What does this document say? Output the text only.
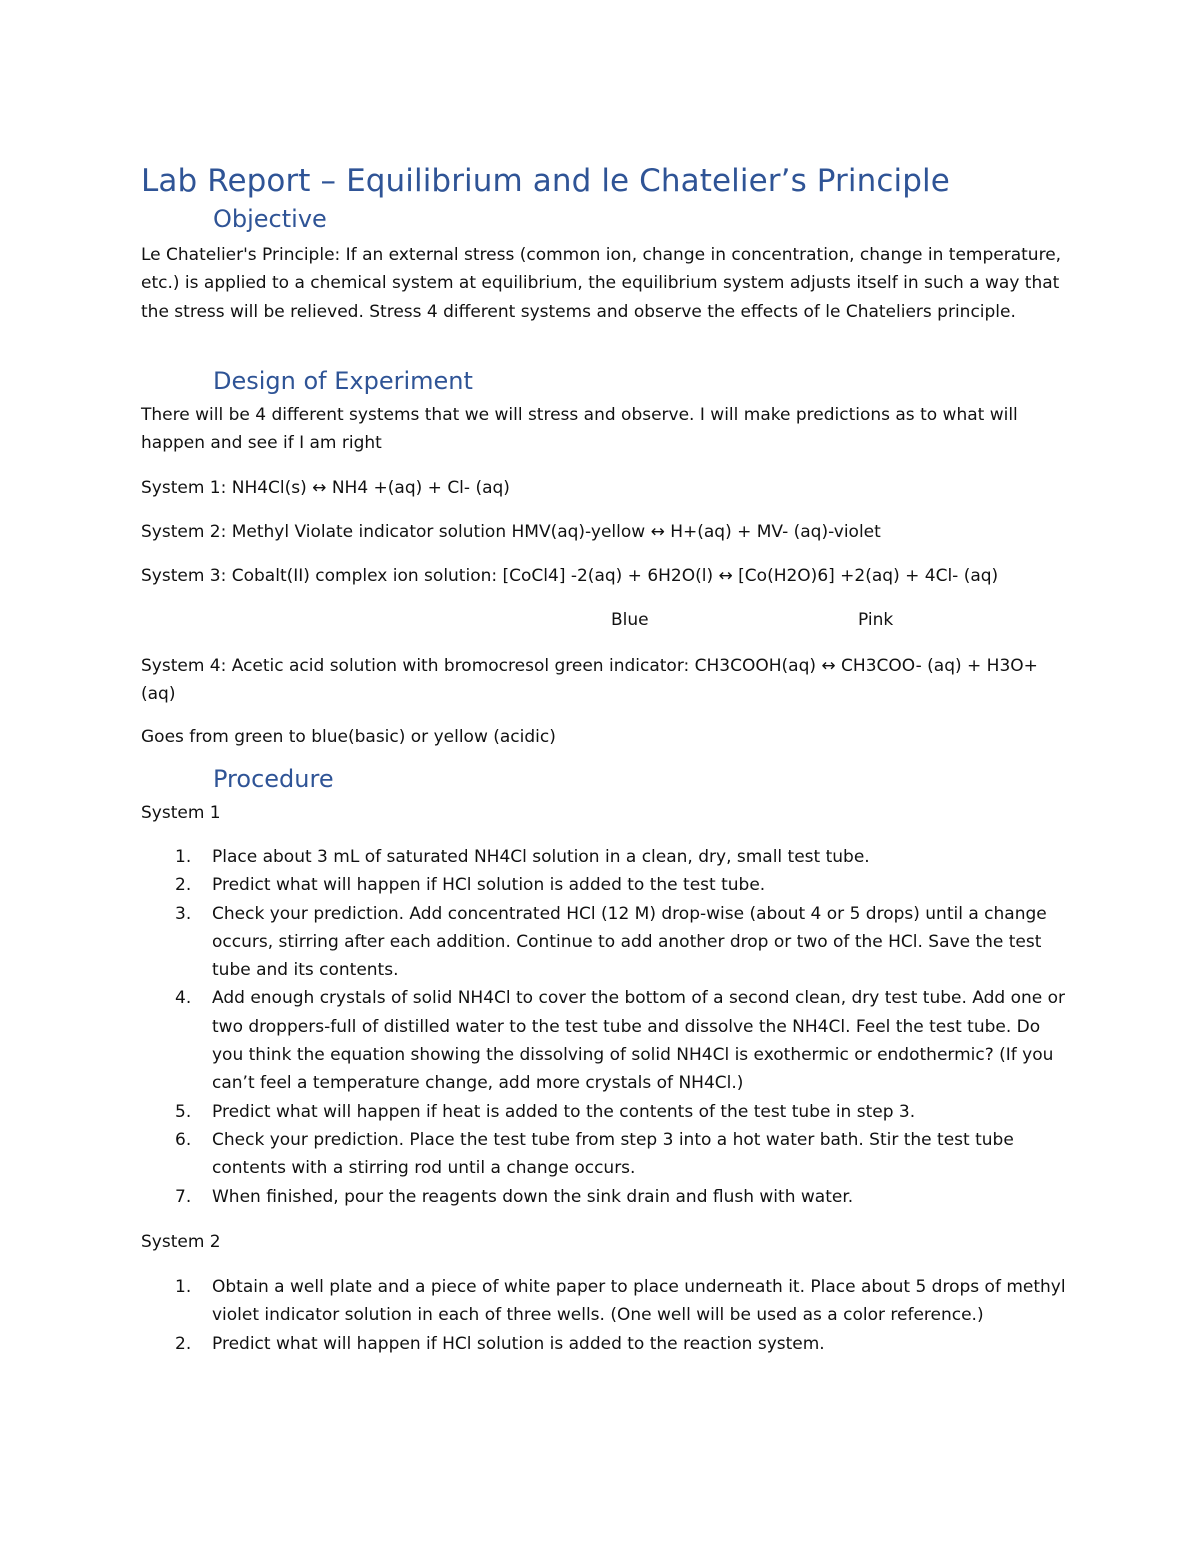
Lab Report – Equilibrium and le Chatelier’s Principle
Objective

Le Chatelier's Principle: If an external stress (common ion, change in concentration, change in temperature, etc.) is applied to a chemical system at equilibrium, the equilibrium system adjusts itself in such a way that the stress will be relieved. Stress 4 different systems and observe the effects of le Chateliers principle.

Design of Experiment

There will be 4 different systems that we will stress and observe. I will make predictions as to what will happen and see if I am right

System 1: NH4Cl(s) ↔ NH4 +(aq) + Cl- (aq)

System 2: Methyl Violate indicator solution HMV(aq)-yellow ↔ H+(aq) + MV- (aq)-violet

System 3: Cobalt(II) complex ion solution: [CoCl4] -2(aq) + 6H2O(l) ↔ [Co(H2O)6] +2(aq) + 4Cl- (aq)

Blue	Pink

System 4: Acetic acid solution with bromocresol green indicator: CH3COOH(aq) ↔ CH3COO- (aq) + H3O+(aq)

Goes from green to blue(basic) or yellow (acidic)

Procedure

System 1

1. Place about 3 mL of saturated NH4Cl solution in a clean, dry, small test tube.
2. Predict what will happen if HCl solution is added to the test tube.
3. Check your prediction. Add concentrated HCl (12 M) drop-wise (about 4 or 5 drops) until a change occurs, stirring after each addition. Continue to add another drop or two of the HCl. Save the test tube and its contents.
4. Add enough crystals of solid NH4Cl to cover the bottom of a second clean, dry test tube. Add one or two droppers-full of distilled water to the test tube and dissolve the NH4Cl. Feel the test tube. Do you think the equation showing the dissolving of solid NH4Cl is exothermic or endothermic? (If you can’t feel a temperature change, add more crystals of NH4Cl.)
5. Predict what will happen if heat is added to the contents of the test tube in step 3.
6. Check your prediction. Place the test tube from step 3 into a hot water bath. Stir the test tube contents with a stirring rod until a change occurs.
7. When finished, pour the reagents down the sink drain and flush with water.

System 2

1. Obtain a well plate and a piece of white paper to place underneath it. Place about 5 drops of methyl violet indicator solution in each of three wells. (One well will be used as a color reference.)
2. Predict what will happen if HCl solution is added to the reaction system.
